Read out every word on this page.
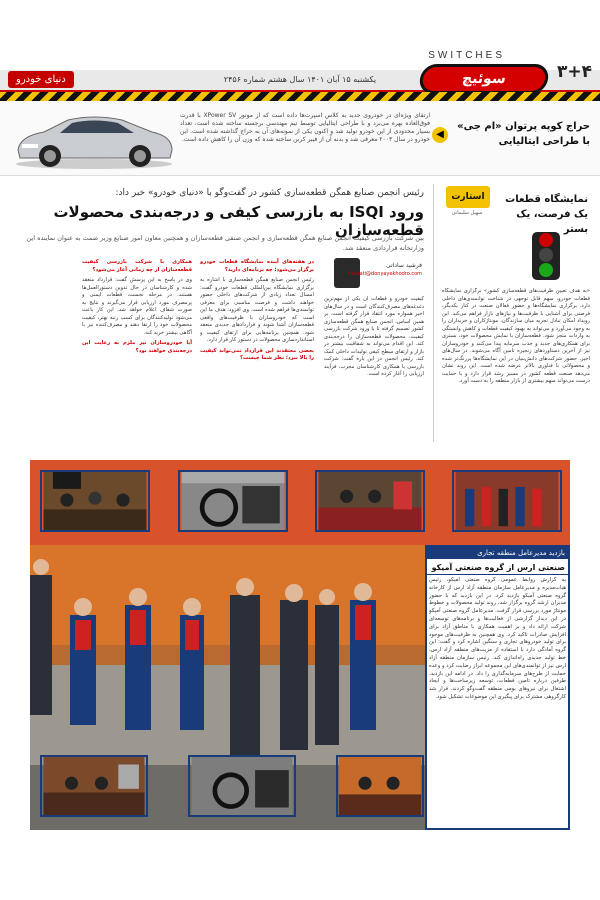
SWITCHES
دنیای خودرو	یکشنبه ۱۵ آبان ۱۴۰۱ سال هشتم شماره ۲۴۵۶	سوئیچ	۳+۴
ارتقای ویژه‌ای در خودروی جدید به کلاس اسپرت‌ها داده است که از موتور XPower SV با قدرت فوق‌العاده بهره می‌برد و با طراحی ایتالیایی توسط تیم مهندسی برجسته ساخته شده است. تعداد بسیار محدودی از این خودرو تولید شد و اکنون یکی از نمونه‌های آن به حراج گذاشته شده است. این خودرو در سال ۲۰۰۳ معرفی شد و بدنه آن از فیبر کربن ساخته شده که وزن آن را کاهش داده است. ◀
حراج کوپه پرتوان «ام جی» با طراحی ایتالیایی
استارت	نمایشگاه قطعات یک فرصت، یک بستر
سهیل سلیمانی
«به هدف تعیین ظرفیت‌های قطعه‌سازی کشور» برگزاری نمایشگاه قطعات خودرو، سهم قابل توجهی در شناخت توانمندی‌های داخلی دارد. برگزاری نمایشگاه‌ها و حضور فعالان صنعت در کنار یکدیگر، فرصتی برای آشنایی با ظرفیت‌ها و نیازهای بازار فراهم می‌کند. این رویداد امکان تبادل تجربه میان سازندگان، مونتاژکاران و خریداران را به وجود می‌آورد و می‌تواند به بهبود کیفیت قطعات و کاهش وابستگی به واردات منجر شود. قطعه‌سازان با نمایش محصولات خود، بستری برای همکاری‌های جدید و جذب سرمایه پیدا می‌کنند و خودروسازان نیز از آخرین دستاوردهای زنجیره تامین آگاه می‌شوند. در سال‌های اخیر، حضور شرکت‌های دانش‌بنیان در این نمایشگاه‌ها پررنگ‌تر شده و محصولاتی با فناوری بالاتر عرضه شده است. این روند نشان می‌دهد صنعت قطعه کشور در مسیر رشد قرار دارد و با حمایت درست می‌تواند سهم بیشتری از بازار منطقه را به دست آورد.
رئیس انجمن صنایع همگن قطعه‌سازی کشور در گفت‌وگو با «دنیای خودرو» خبر داد:
ورود ISQI به بازرسی کیفی و درجه‌بندی محصولات قطعه‌سازان
بین شرکت بازرسی کیفیت انجمن صنایع همگن قطعه‌سازی و انجمن صنفی قطعه‌سازان و همچنین معاون امور صنایع وزیر صمت به عنوان نماینده این وزارتخانه قراردادی منعقد شد.
فرشید ساداتی
f.sadati@donyayekhodro.com
کیفیت خودرو و قطعات آن یکی از مهم‌ترین دغدغه‌های مصرف‌کنندگان است و در سال‌های اخیر همواره مورد انتقاد قرار گرفته است. بر همین اساس، انجمن صنایع همگن قطعه‌سازی کشور تصمیم گرفته تا با ورود شرکت بازرسی کیفیت، محصولات قطعه‌سازان را درجه‌بندی کند. این اقدام می‌تواند به شفافیت بیشتر در بازار و ارتقای سطح کیفی تولیدات داخلی کمک کند. رئیس انجمن در این باره گفت: شرکت بازرسی با همکاری کارشناسان مجرب، فرآیند ارزیابی را آغاز کرده است.
در هفته‌های آینده نمایشگاه قطعات خودرو برگزار می‌شود؛ چه برنامه‌ای دارید؟
رئیس انجمن صنایع همگن قطعه‌سازی با اشاره به برگزاری نمایشگاه بین‌المللی قطعات خودرو گفت: امسال تعداد زیادی از شرکت‌های داخلی حضور خواهند داشت و فرصت مناسبی برای معرفی توانمندی‌ها فراهم شده است. وی افزود: هدف ما این است که خودروسازان با ظرفیت‌های واقعی قطعه‌سازان آشنا شوند و قراردادهای جدیدی منعقد شود. همچنین برنامه‌هایی برای ارتقای کیفیت و استانداردسازی محصولات در دستور کار قرار دارد.
بعضی معتقدند این قرارداد نمی‌تواند کیفیت را بالا ببرد؛ نظر شما چیست؟
همکاری با شرکت بازرسی کیفیت قطعه‌سازان از چه زمانی آغاز می‌شود؟
وی در پاسخ به این پرسش گفت: قرارداد منعقد شده و کارشناسان در حال تدوین دستورالعمل‌ها هستند. در مرحله نخست، قطعات ایمنی و پرمصرف مورد ارزیابی قرار می‌گیرند و نتایج به صورت شفاف اعلام خواهد شد. این کار باعث می‌شود تولیدکنندگان برای کسب رتبه بهتر، کیفیت محصولات خود را ارتقا دهند و مصرف‌کننده نیز با آگاهی بیشتر خرید کند.
آیا خودروسازان نیز ملزم به رعایت این درجه‌بندی خواهند بود؟
بازدید مدیرعامل منطقه تجاری
صنعتی ارس از گروه صنعتی آمیکو
به گزارش روابط عمومی گروه صنعتی آمیکو، رئیس هیات‌مدیره و مدیرعامل سازمان منطقه آزاد ارس از کارخانه گروه صنعتی آمیکو بازدید کرد. در این بازدید که با حضور مدیران ارشد گروه برگزار شد، روند تولید محصولات و خطوط مونتاژ مورد بررسی قرار گرفت. مدیرعامل گروه صنعتی آمیکو در این دیدار گزارشی از فعالیت‌ها و برنامه‌های توسعه‌ای شرکت ارائه داد و بر اهمیت همکاری با مناطق آزاد برای افزایش صادرات تاکید کرد. وی همچنین به ظرفیت‌های موجود برای تولید خودروهای تجاری و سنگین اشاره کرد و گفت: این گروه آمادگی دارد با استفاده از مزیت‌های منطقه آزاد ارس، خط تولید جدیدی راه‌اندازی کند. رئیس سازمان منطقه آزاد ارس نیز از توانمندی‌های این مجموعه ابراز رضایت کرد و وعده حمایت از طرح‌های سرمایه‌گذاری را داد. در ادامه این بازدید، طرفین درباره تامین قطعات، توسعه زیرساخت‌ها و ایجاد اشتغال برای نیروهای بومی منطقه گفت‌وگو کردند. قرار شد کارگروهی مشترک برای پیگیری این موضوعات تشکیل شود.
